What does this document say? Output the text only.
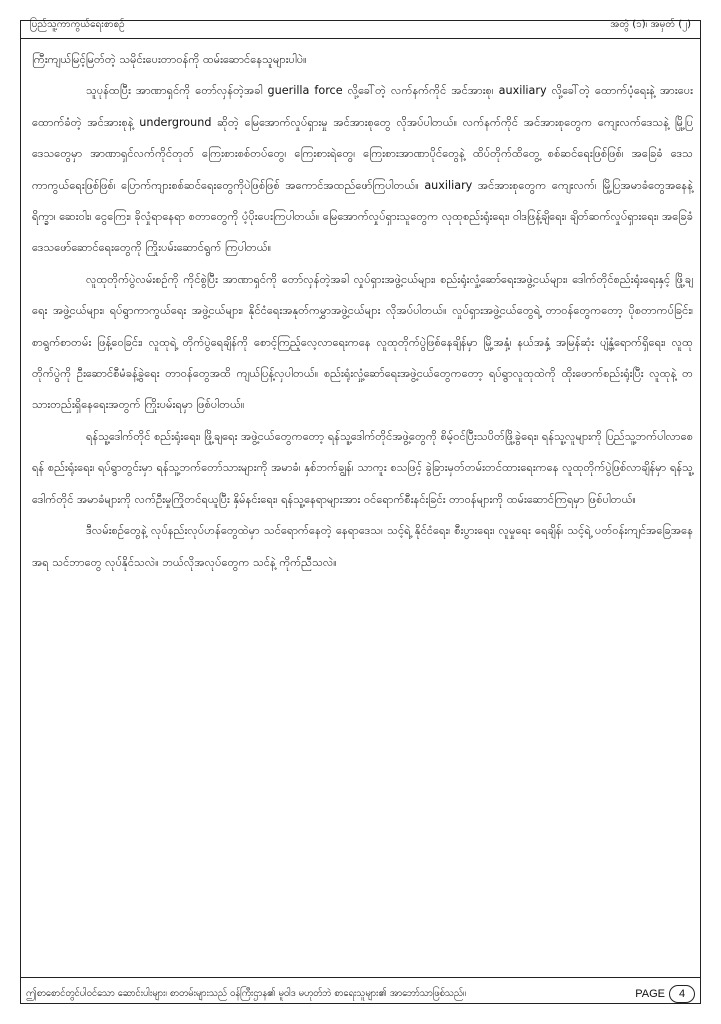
ပြည်သူ့ကာကွယ်ရေးစာစဉ်	အတွဲ (၁)၊ အမှတ် (၂)

ကြီးကျယ်မြင့်မြတ်တဲ့ သမိုင်းပေးတာဝန်ကို ထမ်းဆောင်နေသူများပါပဲ။

သူပုန်ထပြီး အာဏာရှင်ကို တော်လှန်တဲ့အခါ guerilla force လို့ခေါ်တဲ့ လက်နက်ကိုင် အင်အားစု၊ auxiliary လို့ခေါ်တဲ့ ထောက်ပံ့ရေးနဲ့ အားပေးထောက်ခံတဲ့ အင်အားစုနဲ့ underground ဆိုတဲ့ မြေအောက်လှုပ်ရှားမှု အင်အားစုတွေ လိုအပ်ပါတယ်။ လက်နက်ကိုင် အင်အားစုတွေက ကျေးလက်ဒေသနဲ့ မြို့ပြဒေသတွေမှာ အာဏာရှင်လက်ကိုင်တုတ် ကြေးစားစစ်တပ်တွေ၊ ကြေးစားရဲတွေ၊ ကြေးစားအာဏာပိုင်တွေနဲ့ ထိပ်တိုက်ထိတွေ့ စစ်ဆင်ရေးဖြစ်ဖြစ်၊ အခြေခံ ဒေသကာကွယ်ရေးဖြစ်ဖြစ်၊ ပြောက်ကျားစစ်ဆင်ရေးတွေကိုပဲဖြစ်ဖြစ် အကောင်အထည်ဖော်ကြပါတယ်။ auxiliary အင်အားစုတွေက ကျေးလက်၊ မြို့ပြအမာခံတွေအနေနဲ့ ရိက္ခာ၊ ဆေးဝါး၊ ငွေကြေး၊ ခိုလှုံရာနေရာ စတာတွေကို ပံ့ပိုးပေးကြပါတယ်။ မြေအောက်လှုပ်ရှားသူတွေက လုထုစည်းရုံးရေး၊ ဝါဒဖြန့်ချိရေး၊ ချိတ်ဆက်လှုပ်ရှားရေး၊ အခြေခံဒေသဖော်ဆောင်ရေးတွေကို ကြိုးပမ်းဆောင်ရွက် ကြပါတယ်။

လူထုတိုက်ပွဲလမ်းစဉ်ကို ကိုင်စွဲပြီး အာဏာရှင်ကို တော်လှန်တဲ့အခါ လှုပ်ရှားအဖွဲ့ငယ်များ၊ စည်းရုံးလှုံ့ဆော်ရေးအဖွဲ့ငယ်များ၊ ဒေါက်တိုင်စည်းရုံးရေးနှင့် ဖြို့ချရေး အဖွဲ့ငယ်များ၊ ရပ်ရွာကာကွယ်ရေး အဖွဲ့ငယ်များ၊ နိုင်ငံရေးအနုတ်ကမွှာအဖွဲ့ငယ်များ လိုအပ်ပါတယ်။ လှုပ်ရှားအဖွဲ့ငယ်တွေရဲ့ တာဝန်တွေကတော့ ပိုစတာကပ်ခြင်း၊ စာရွက်စာတမ်း ဖြန့်ဝေခြင်း၊ လူထုရဲ့ တိုက်ပွဲရေချိန်ကို စောင့်ကြည့်လေ့လာရေးကနေ လူထုတိုက်ပွဲဖြစ်နေချိန်မှာ မြို့အနှံ့၊ နယ်အနှံ့ အမြန်ဆုံး ပျံ့နှံ့ရောက်ရှိရေး၊ လူထုတိုက်ပွဲကို ဦးဆောင်စီမံခန့်ခွဲရေး တာဝန်တွေအထိ ကျယ်ပြန့်လှပါတယ်။ စည်းရုံးလှုံ့ဆော်ရေးအဖွဲ့ငယ်တွေကတော့ ရပ်ရွာလူထုထဲကို ထိုးဖောက်စည်းရုံးပြီး လူထုနဲ့ တသားတည်းရှိနေရေးအတွက် ကြိုးပမ်းရမှာ ဖြစ်ပါတယ်။

ရန်သူ့ဒေါက်တိုင် စည်းရုံးရေး၊ ဖြို့ချရေး အဖွဲ့ငယ်တွေကတော့ ရန်သူ့ဒေါက်တိုင်အဖွဲ့တွေကို စိမ့်ဝင်ပြီးသပိတ်ဖြို့ခွဲရေး၊ ရန်သူ့လူများကို ပြည်သူ့ဘက်ပါလာစေရန် စည်းရုံးရေး၊ ရပ်ရွာတွင်းမှာ ရန်သူ့ဘက်တော်သားများကို အမာခံ၊ နှစ်ဘက်ချွန်၊ သာကူး စသဖြင့် ခွဲခြားမှတ်တမ်းတင်ထားရေးကနေ လူထုတိုက်ပွဲဖြစ်လာချိန်မှာ ရန်သူ့ဒေါက်တိုင် အမာခံများကို လက်ဦးမှုကြိုတင်ရယူပြီး နှိမ်နင်းရေး၊ ရန်သူ့နေရာများအား ဝင်ရောက်စီးနင်းခြင်း တာဝန်များကို ထမ်းဆောင်ကြရမှာ ဖြစ်ပါတယ်။

ဒီလမ်းစဉ်တွေနဲ့ လုပ်နည်းလုပ်ဟန်တွေထဲမှာ သင်ရောက်နေတဲ့ နေရာဒေသ၊ သင့်ရဲ့ နိုင်ငံရေး၊ စီးပွားရေး၊ လူမှုရေး ရေချိန်၊ သင့်ရဲ့ ပတ်ဝန်းကျင်အခြေအနေအရ သင်ဘာတွေ လုပ်နိုင်သလဲ။ ဘယ်လိုအလုပ်တွေက သင်နဲ့ ကိုက်ညီသလဲ။

ဤစာစောင်တွင်ပါဝင်သော ဆောင်းပါးများ၊ စာတမ်းများသည် ဝန်ကြီးဌာန၏ မူဝါဒ မဟုတ်ဘဲ စာရေးသူများ၏ အာဘော်သာဖြစ်သည်။	PAGE	4
